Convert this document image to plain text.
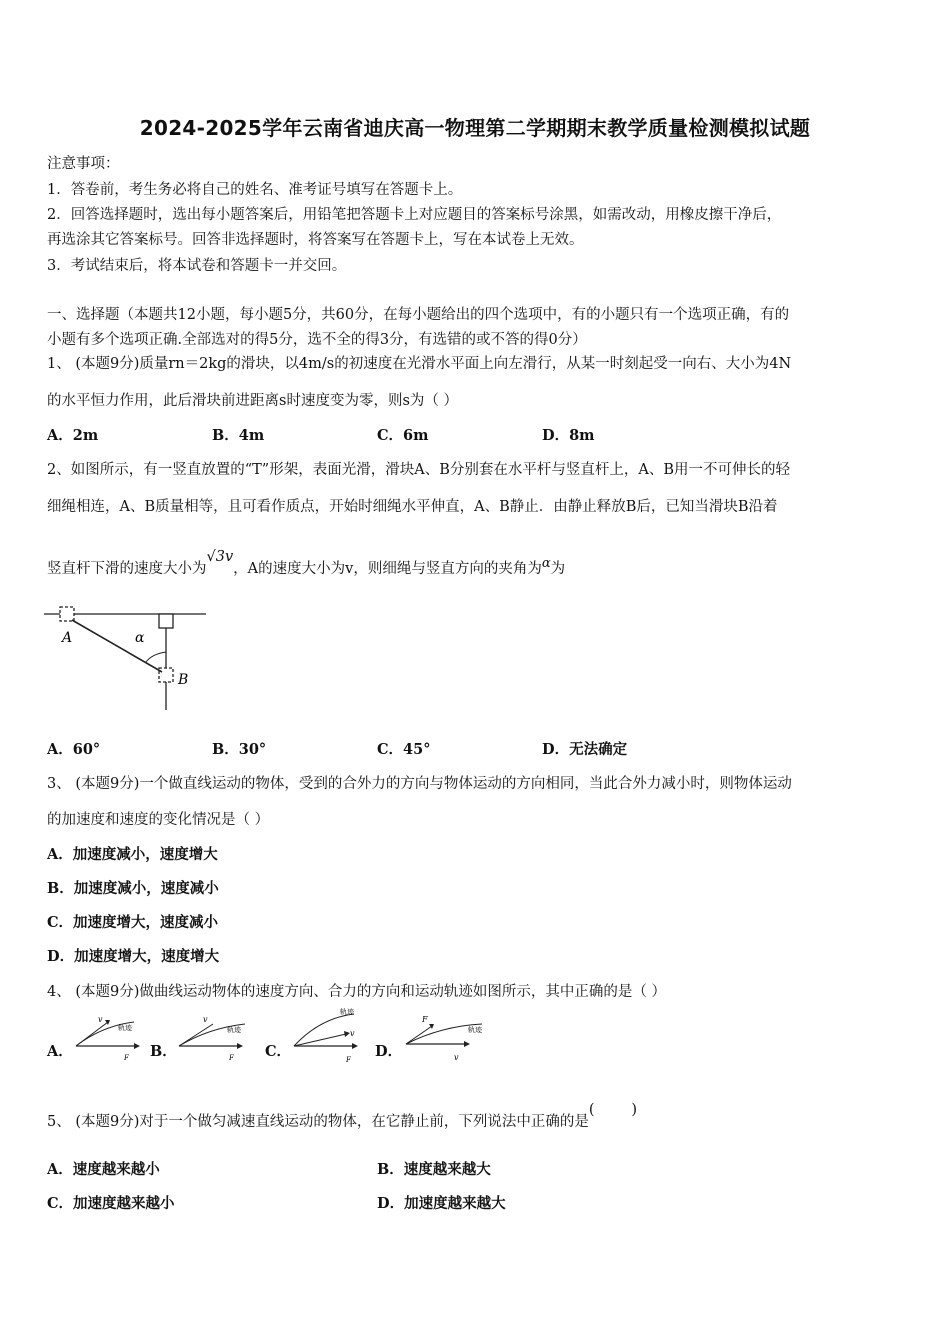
2024-2025学年云南省迪庆高一物理第二学期期末教学质量检测模拟试题
注意事项：
1．答卷前，考生务必将自己的姓名、准考证号填写在答题卡上。
2．回答选择题时，选出每小题答案后，用铅笔把答题卡上对应题目的答案标号涂黑，如需改动，用橡皮擦干净后，
再选涂其它答案标号。回答非选择题时，将答案写在答题卡上，写在本试卷上无效。
3．考试结束后，将本试卷和答题卡一并交回。
一、选择题（本题共12小题，每小题5分，共60分，在每小题给出的四个选项中，有的小题只有一个选项正确，有的
小题有多个选项正确.全部选对的得5分，选不全的得3分，有选错的或不答的得0分）
1、 (本题9分)质量rn＝2kg的滑块，以4m/s的初速度在光滑水平面上向左滑行，从某一时刻起受一向右、大小为4N
的水平恒力作用，此后滑块前进距离s时速度变为零，则s为（ ）
A．2m	B．4m	C．6m	D．8m
2、如图所示，有一竖直放置的“T”形架，表面光滑，滑块A、B分别套在水平杆与竖直杆上，A、B用一不可伸长的轻
细绳相连，A、B质量相等，且可看作质点，开始时细绳水平伸直，A、B静止．由静止释放B后，已知当滑块B沿着
竖直杆下滑的速度大小为√3v，A的速度大小为v，则细绳与竖直方向的夹角为α为
A	α
B
A．60°	B．30°	C．45°	D．无法确定
3、 (本题9分)一个做直线运动的物体，受到的合外力的方向与物体运动的方向相同，当此合外力减小时，则物体运动
的加速度和速度的变化情况是（ ）
A．加速度减小，速度增大
B．加速度减小，速度减小
C．加速度增大，速度减小
D．加速度增大，速度增大
4、 (本题9分)做曲线运动物体的速度方向、合力的方向和运动轨迹如图所示，其中正确的是（ ）
A．
v
轨迹
F B．
v
轨迹
F C．
轨迹
v
F D．
F
轨迹
v
5、 (本题9分)对于一个做匀减速直线运动的物体，在它静止前，下列说法中正确的是(        )
A．速度越来越小	B．速度越来越大
C．加速度越来越小	D．加速度越来越大
